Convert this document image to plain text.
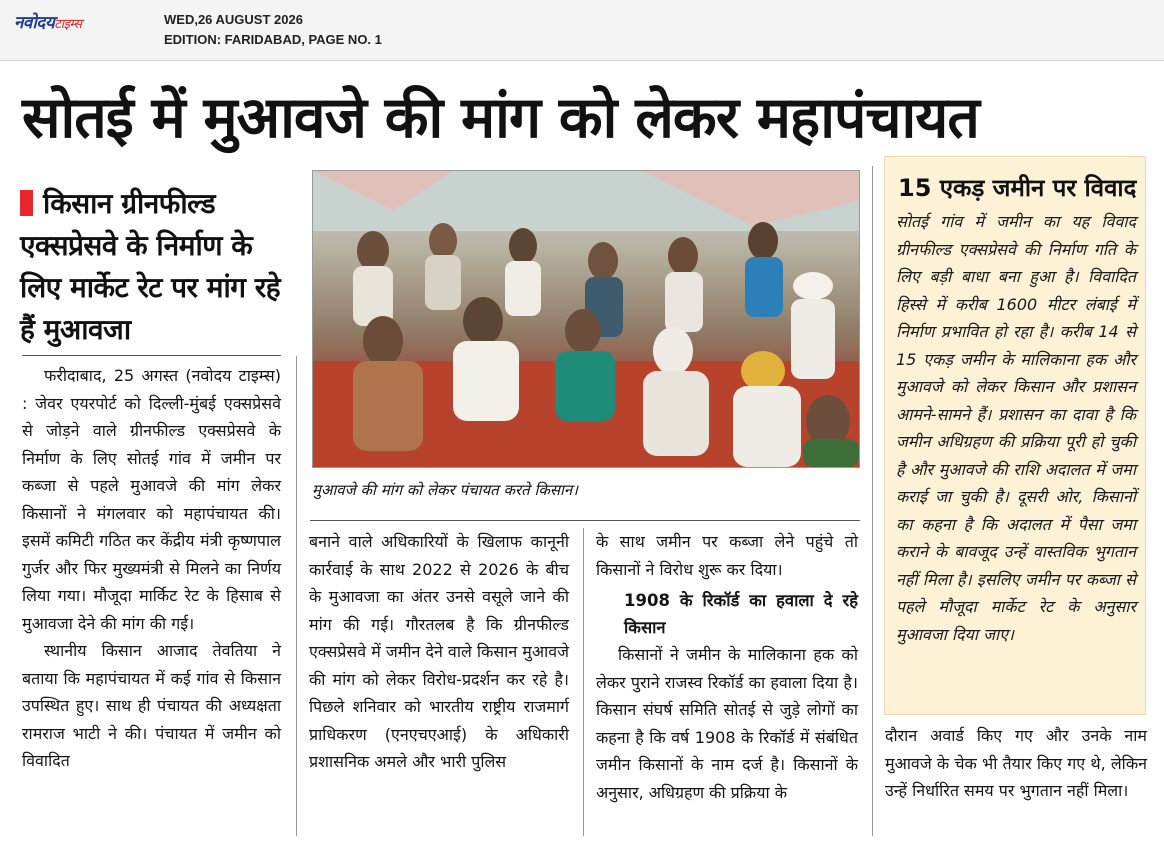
नवोदयटाइम्स	WED,26 AUGUST 2026
EDITION: FARIDABAD, PAGE NO. 1
सोतई में मुआवजे की मांग को लेकर महापंचायत
किसान ग्रीनफील्ड एक्सप्रेसवे के निर्माण के लिए मार्केट रेट पर मांग रहे हैं मुआवजा

फरीदाबाद, 25 अगस्त (नवोदय टाइम्स) : जेवर एयरपोर्ट को दिल्ली-मुंबई एक्सप्रेसवे से जोड़ने वाले ग्रीनफील्ड एक्सप्रेसवे के निर्माण के लिए सोतई गांव में जमीन पर कब्जा से पहले मुआवजे की मांग लेकर किसानों ने मंगलवार को महापंचायत की। इसमें कमिटी गठित कर केंद्रीय मंत्री कृष्णपाल गुर्जर और फिर मुख्यमंत्री से मिलने का निर्णय लिया गया। मौजूदा मार्किट रेट के हिसाब से मुआवजा देने की मांग की गई।

स्थानीय किसान आजाद तेवतिया ने बताया कि महापंचायत में कई गांव से किसान उपस्थित हुए। साथ ही पंचायत की अध्यक्षता रामराज भाटी ने की। पंचायत में जमीन को विवादित

मुआवजे की मांग को लेकर पंचायत करते किसान।

बनाने वाले अधिकारियों के खिलाफ कानूनी कार्रवाई के साथ 2022 से 2026 के बीच के मुआवजा का अंतर उनसे वसूले जाने की मांग की गई। गौरतलब है कि ग्रीनफील्ड एक्सप्रेसवे में जमीन देने वाले किसान मुआवजे की मांग को लेकर विरोध-प्रदर्शन कर रहे है। पिछले शनिवार को भारतीय राष्ट्रीय राजमार्ग प्राधिकरण (एनएचएआई) के अधिकारी प्रशासनिक अमले और भारी पुलिस

के साथ जमीन पर कब्जा लेने पहुंचे तो किसानों ने विरोध शुरू कर दिया।

1908 के रिकॉर्ड का हवाला दे रहे किसान

किसानों ने जमीन के मालिकाना हक को लेकर पुराने राजस्व रिकॉर्ड का हवाला दिया है। किसान संघर्ष समिति सोतई से जुड़े लोगों का कहना है कि वर्ष 1908 के रिकॉर्ड में संबंधित जमीन किसानों के नाम दर्ज है। किसानों के अनुसार, अधिग्रहण की प्रक्रिया के

15 एकड़ जमीन पर विवाद
सोतई गांव में जमीन का यह विवाद ग्रीनफील्ड एक्सप्रेसवे की निर्माण गति के लिए बड़ी बाधा बना हुआ है। विवादित हिस्से में करीब 1600 मीटर लंबाई में निर्माण प्रभावित हो रहा है। करीब 14 से 15 एकड़ जमीन के मालिकाना हक और मुआवजे को लेकर किसान और प्रशासन आमने-सामने हैं। प्रशासन का दावा है कि जमीन अधिग्रहण की प्रक्रिया पूरी हो चुकी है और मुआवजे की राशि अदालत में जमा कराई जा चुकी है। दूसरी ओर, किसानों का कहना है कि अदालत में पैसा जमा कराने के बावजूद उन्हें वास्तविक भुगतान नहीं मिला है। इसलिए जमीन पर कब्जा से पहले मौजूदा मार्केट रेट के अनुसार मुआवजा दिया जाए।

दौरान अवार्ड किए गए और उनके नाम मुआवजे के चेक भी तैयार किए गए थे, लेकिन उन्हें निर्धारित समय पर भुगतान नहीं मिला।
